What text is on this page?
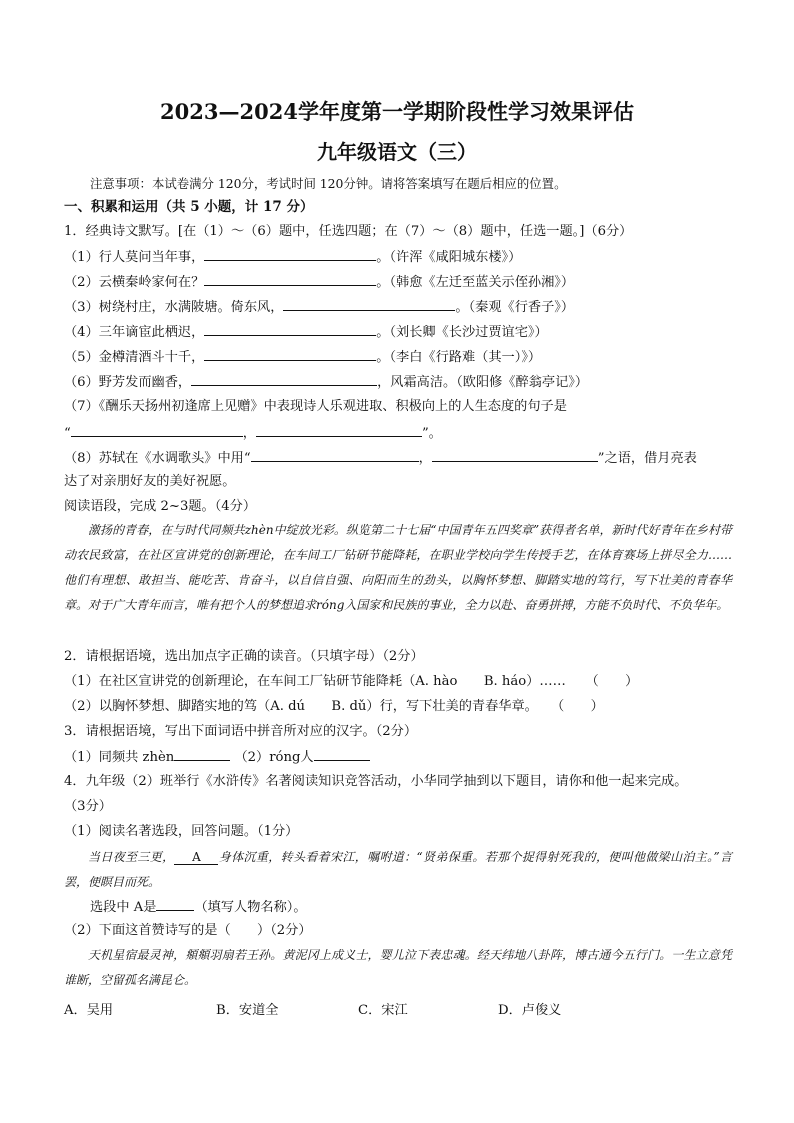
2023—2024学年度第一学期阶段性学习效果评估
九年级语文（三）
注意事项：本试卷满分 120分，考试时间 120分钟。请将答案填写在题后相应的位置。
一、积累和运用（共 5 小题，计 17 分）
1．经典诗文默写。[在（1）～（6）题中，任选四题；在（7）～（8）题中，任选一题。]（6分）
（1）行人莫问当年事，	。（许浑《咸阳城东楼》）
（2）云横秦岭家何在？	。（韩愈《左迁至蓝关示侄孙湘》）
（3）树绕村庄，水满陂塘。倚东风，	。（秦观《行香子》）
（4）三年谪宦此栖迟，	。（刘长卿《长沙过贾谊宅》）
（5）金樽清酒斗十千，	。（李白《行路难（其一）》）
（6）野芳发而幽香，	，风霜高洁。（欧阳修《醉翁亭记》）
（7）《酬乐天扬州初逢席上见赠》中表现诗人乐观进取、积极向上的人生态度的句子是
“	，	”。
（8）苏轼在《水调歌头》中用“	，	”之语，借月亮表
达了对亲朋好友的美好祝愿。
阅读语段，完成 2~3题。（4分）
激扬的青春，在与时代同频共zhèn中绽放光彩。纵览第二十七届“中国青年五四奖章”获得者名单，新时代好青年在乡村带动农民致富，在社区宣讲党的创新理论，在车间工厂钻研节能降耗，在职业学校向学生传授手艺，在体育赛场上拼尽全力……他们有理想、敢担当、能吃苦、肯奋斗，以自信自强、向阳而生的劲头，以胸怀梦想、脚踏实地的笃行，写下壮美的青春华章。对于广大青年而言，唯有把个人的梦想追求róng入国家和民族的事业，全力以赴、奋勇拼搏，方能不负时代、不负华年。
2．请根据语境，选出加点字正确的读音。（只填字母）（2分）
（1）在社区宣讲党的创新理论，在车间工厂钻研节能降耗（A. hào　　B. háo）……　　（　　）
（2）以胸怀梦想、脚踏实地的笃（A. dú　　B. dǔ）行，写下壮美的青春华章。　　（　　）
3．请根据语境，写出下面词语中拼音所对应的汉字。（2分）
（1）同频共 zhèn	（2）róng人
4．九年级（2）班举行《水浒传》名著阅读知识竞答活动，小华同学抽到以下题目，请你和他一起来完成。
（3分）
（1）阅读名著选段，回答问题。（1分）
当日夜至三更， A 身体沉重，转头看着宋江，嘱咐道：“贤弟保重。若那个捉得射死我的，便叫他做梁山泊主。”言罢，便瞑目而死。
选段中 A是	（填写人物名称）。
（2）下面这首赞诗写的是（　　）（2分）
天机星宿最灵神，頫頫羽扇若王孙。黄泥冈上成义士，婴儿泣下表忠魂。经天纬地八卦阵，博古通今五行门。一生立意凭谁断，空留孤名满昆仑。
A．吴用	B．安道全	C．宋江	D．卢俊义
